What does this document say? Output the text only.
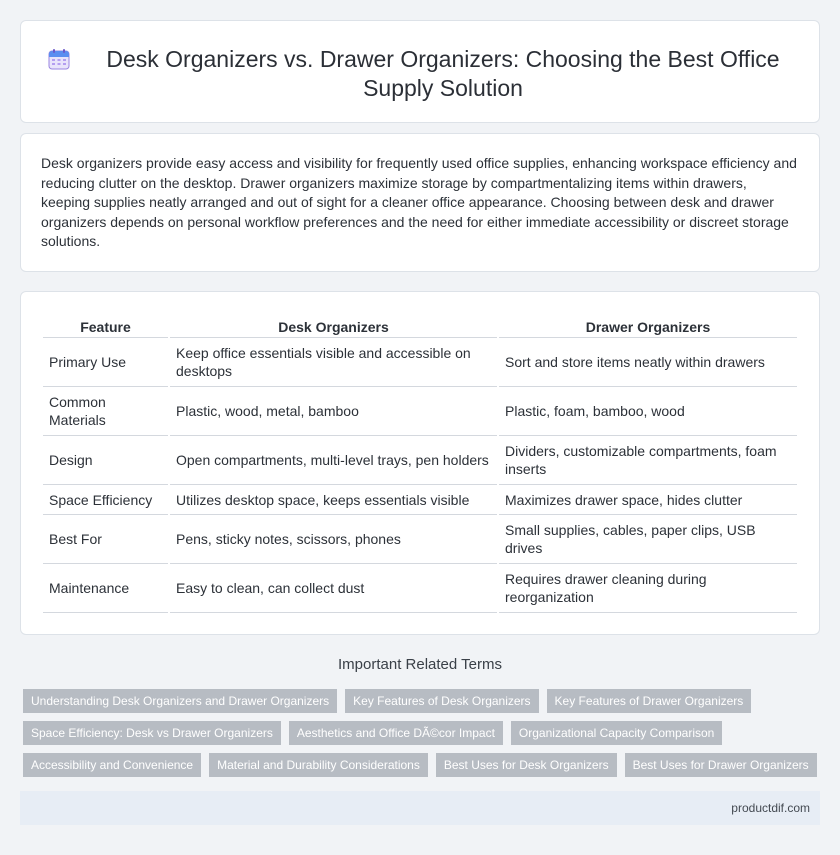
Desk Organizers vs. Drawer Organizers: Choosing the Best Office Supply Solution

Desk organizers provide easy access and visibility for frequently used office supplies, enhancing workspace efficiency and reducing clutter on the desktop. Drawer organizers maximize storage by compartmentalizing items within drawers, keeping supplies neatly arranged and out of sight for a cleaner office appearance. Choosing between desk and drawer organizers depends on personal workflow preferences and the need for either immediate accessibility or discreet storage solutions.

Feature	Desk Organizers	Drawer Organizers
Primary Use	Keep office essentials visible and accessible on desktops	Sort and store items neatly within drawers
Common Materials	Plastic, wood, metal, bamboo	Plastic, foam, bamboo, wood
Design	Open compartments, multi-level trays, pen holders	Dividers, customizable compartments, foam inserts
Space Efficiency	Utilizes desktop space, keeps essentials visible	Maximizes drawer space, hides clutter
Best For	Pens, sticky notes, scissors, phones	Small supplies, cables, paper clips, USB drives
Maintenance	Easy to clean, can collect dust	Requires drawer cleaning during reorganization
Important Related Terms
Understanding Desk Organizers and Drawer Organizers	Key Features of Desk Organizers	Key Features of Drawer Organizers
Space Efficiency: Desk vs Drawer Organizers	Aesthetics and Office DÃ©cor Impact	Organizational Capacity Comparison
Accessibility and Convenience	Material and Durability Considerations	Best Uses for Desk Organizers	Best Uses for Drawer Organizers
productdif.com
